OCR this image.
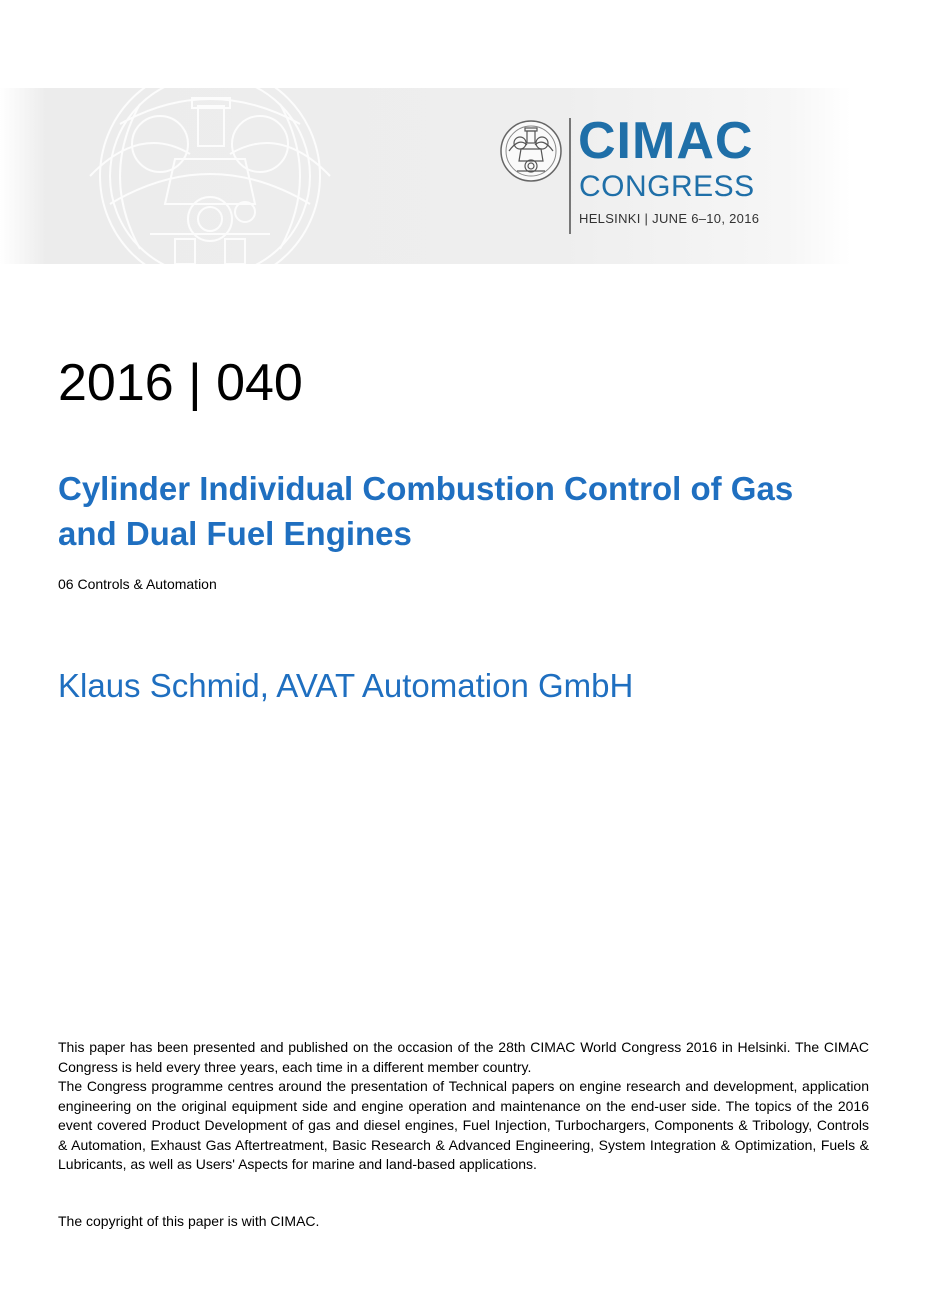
CIMAC
CONGRESS
HELSINKI | JUNE 6–10, 2016
2016 | 040
Cylinder Individual Combustion Control of Gas and Dual Fuel Engines
06 Controls & Automation
Klaus Schmid, AVAT Automation GmbH

This paper has been presented and published on the occasion of the 28th CIMAC World Congress 2016 in Helsinki. The CIMAC Congress is held every three years, each time in a different member country.

The Congress programme centres around the presentation of Technical papers on engine research and development, application engineering on the original equipment side and engine operation and maintenance on the end-user side. The topics of the 2016 event covered Product Development of gas and diesel engines, Fuel Injection, Turbochargers, Components & Tribology, Controls & Automation, Exhaust Gas Aftertreatment, Basic Research & Advanced Engineering, System Integration & Optimization, Fuels & Lubricants, as well as Users' Aspects for marine and land-based applications.

The copyright of this paper is with CIMAC.
